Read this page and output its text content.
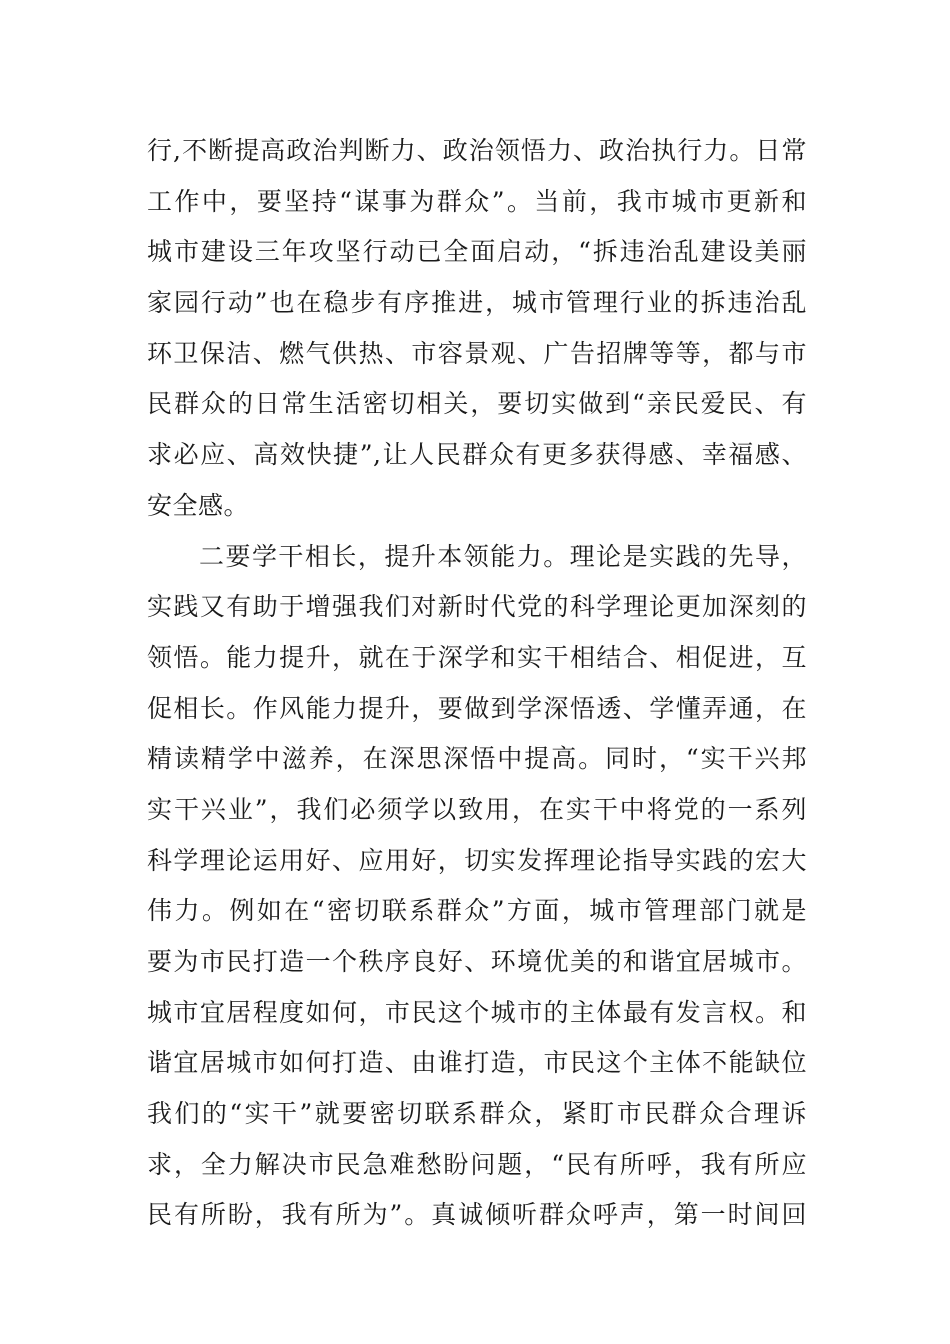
行,不断提高政治判断力、政治领悟力、政治执行力。日常
工作中，要坚持“谋事为群众”。当前，我市城市更新和
城市建设三年攻坚行动已全面启动，“拆违治乱建设美丽
家园行动”也在稳步有序推进，城市管理行业的拆违治乱
环卫保洁、燃气供热、市容景观、广告招牌等等，都与市
民群众的日常生活密切相关，要切实做到“亲民爱民、有
求必应、高效快捷”,让人民群众有更多获得感、幸福感、
安全感。
二要学干相长，提升本领能力。理论是实践的先导，
实践又有助于增强我们对新时代党的科学理论更加深刻的
领悟。能力提升，就在于深学和实干相结合、相促进，互
促相长。作风能力提升，要做到学深悟透、学懂弄通，在
精读精学中滋养，在深思深悟中提高。同时，“实干兴邦
实干兴业”，我们必须学以致用，在实干中将党的一系列
科学理论运用好、应用好，切实发挥理论指导实践的宏大
伟力。例如在“密切联系群众”方面，城市管理部门就是
要为市民打造一个秩序良好、环境优美的和谐宜居城市。
城市宜居程度如何，市民这个城市的主体最有发言权。和
谐宜居城市如何打造、由谁打造，市民这个主体不能缺位
我们的“实干”就要密切联系群众，紧盯市民群众合理诉
求，全力解决市民急难愁盼问题，“民有所呼，我有所应
民有所盼，我有所为”。真诚倾听群众呼声，第一时间回
